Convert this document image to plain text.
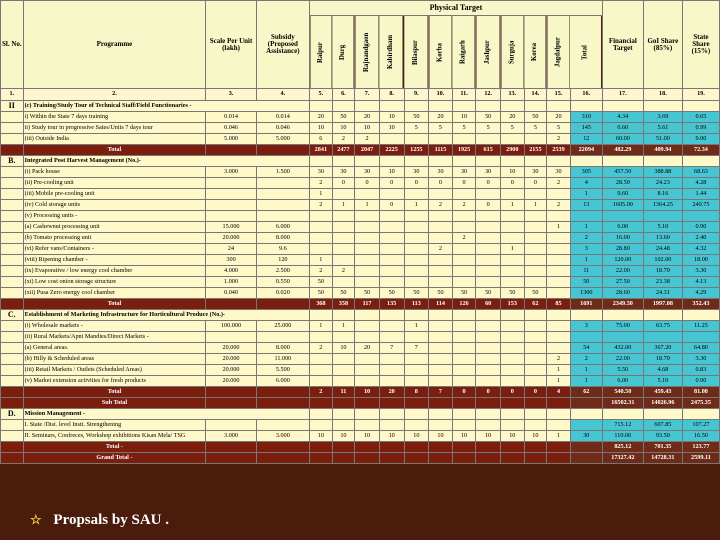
Sl. No.	Programme	Scale Per Unit (lakh)	Subsidy (Proposed Assistance)	Physical Target												Financial Target	GoI Share (85%)	State Share (15%)
				Raipur	Durg	Rajnandgaon	Kabirdham	Bilaspur	Korba	Raigarh	Jashpur	Surguja	Korea	Jagdalpur	Total			
1.	2.	3.	4.	5.	6.	7.	8.	9.	10.	11.	12.	13.	14.	15.	16.	17.	18.	19.
II	(c) Training/Study Tour of Technical Staff/Field Functionaries -																	
	i) Within the State 7 days training	0.014	0.014	20	50	20	10	50	20	10	50	20	50	20	310	4.34	3.69	0.65
	ii) Study tour in progressive Sates/Units 7 days tour	0.046	0.046	10	10	10	10	5	5	5	5	5	5	5	145	6.60	5.61	0.99
	(iii) Outside India	5.000	5.000	6	2	2								2	12	60.00	51.00	9.00
	Total			2841	2477	2047	2225	1255	1115	1925	615	2900	2155	2539	22094	482.29	409.94	72.34
B.	Integrated Post Harvest Management (No.)-																	
	(i) Pack house	3.000	1.500	30	30	30	10	30	30	30	30	10	30	30	305	457.50	388.88	68.63
	(ii) Pre-cooling unit			2	0	0	0	0	0	0	0	0	0	2	4	28.50	24.23	4.28
	(iii) Mobile pre-cooling unit			1											1	9.60	8.16	1.44
	(iv) Cold storage units			2	1	1	0	1	2	2	0	1	1	2	13	1605.00	1364.25	240.75
	(v) Processing units -																	
	(a) Cashewnut processing unit	15.000	6.000											1	1	6.00	5.10	0.90
	(b) Tomato processing unit	20.000	8.000							2					2	16.00	13.60	2.40
	(vi) Refer vans/Containers -	24	9.6						2			1			3	28.80	24.48	4.32
	(viii) Ripening chamber -	300	120	1											1	120.00	102.00	18.00
	(ix) Evaporative / low energy cool chamber	4.000	2.500	2	2										11	22.00	18.70	3.30
	(xi) Low cost onion storage structure	1.000	0.550	50											50	27.50	23.38	4.13
	(xii) Pusa Zero energy cool chamber	0.040	0.020	50	50	50	50	50	50	50	50	50	50		1300	28.60	24.31	4.29
	Total			368	358	117	135	113	114	126	60	153	62	85	1691	2349.50	1997.08	352.43
C.	Establishment of Marketing Infrastructure for Horticultural Produce (No.)-																	
	(i) Wholesale markets -	100.000	25.000	1	1			1							3	75.00	63.75	11.25
	(ii) Rural Markets/Apni Mandies/Direct Markets -																	
	(a) General areas.	20.000	8.000	2	10	20	7	7							54	432.00	367.20	64.80
	(b) Hilly & Scheduled areas	20.000	11.000											2	2	22.00	18.70	3.30
	(iii) Retail Markets / Outlets (Scheduled Areas)	20.000	5.500											1	1	5.50	4.68	0.83
	(v) Market extension activities for fresh products	20.000	6.000											1	1	6.00	5.10	0.90
	Total			2	11	10	20	8	7	0	0	0	0	4	62	540.50	459.43	81.08
	Sub Total															16502.31	14026.96	2475.35
D.	Mission Management -																	
	I. State /Dist. level Instt. Strengthening															715.12	607.85	107.27
	II. Seminars, Confreces, Workshop exhibitions Kisan Mela/ TSG	3.000	3.000	10	10	10	10	10	10	10	10	10	10	1	30	110.00	93.50	16.50
	Total -															825.12	701.35	123.77
	Grand Total -															17327.42	14728.31	2599.11
☆ Propsals by SAU .
